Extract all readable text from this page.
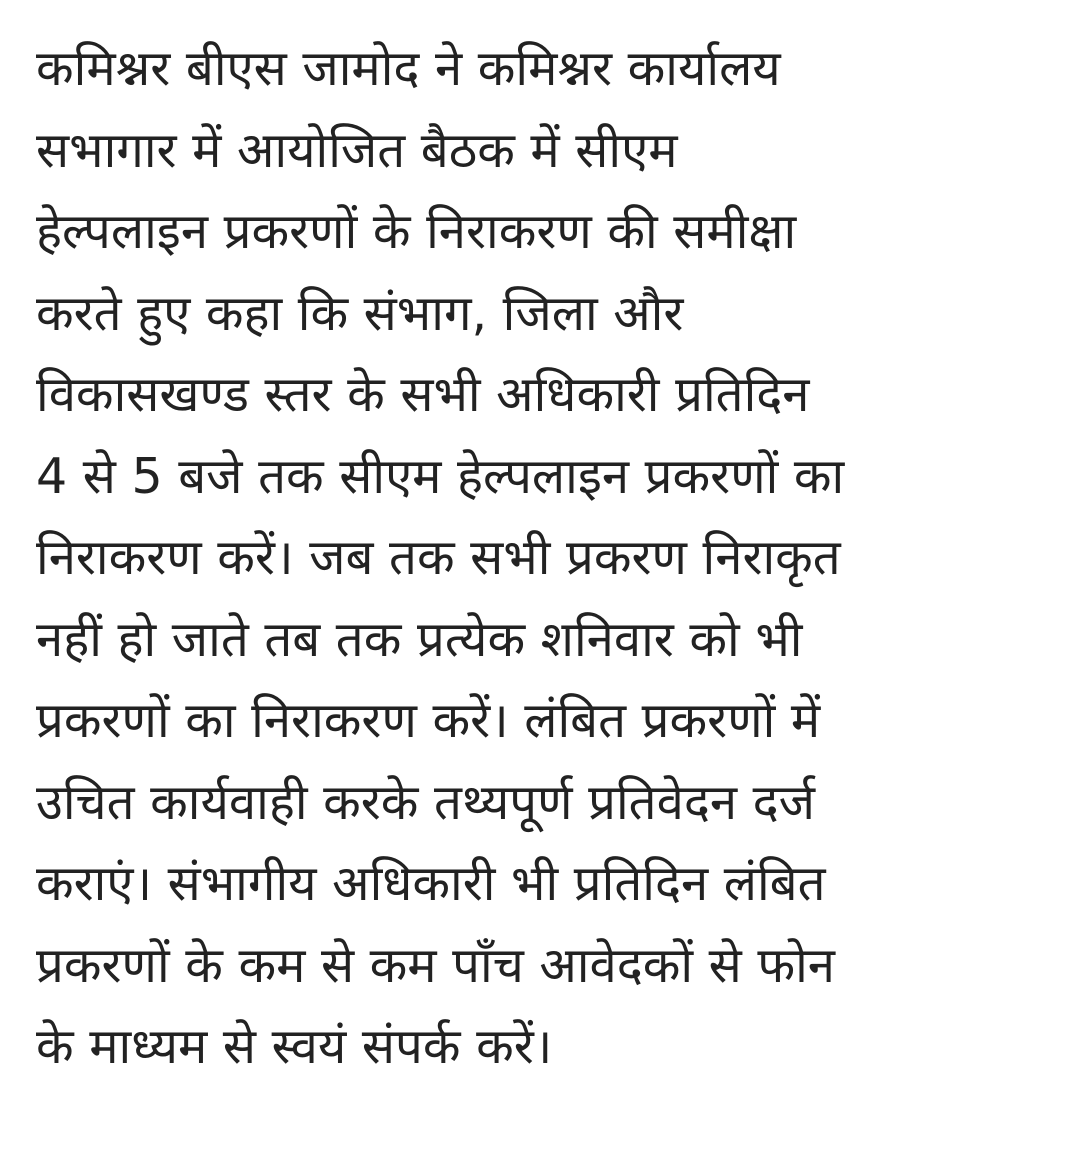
कमिश्नर बीएस जामोद ने कमिश्नर कार्यालय
सभागार में आयोजित बैठक में सीएम
हेल्पलाइन प्रकरणों के निराकरण की समीक्षा
करते हुए कहा कि संभाग, जिला और
विकासखण्ड स्तर के सभी अधिकारी प्रतिदिन
4 से 5 बजे तक सीएम हेल्पलाइन प्रकरणों का
निराकरण करें। जब तक सभी प्रकरण निराकृत
नहीं हो जाते तब तक प्रत्येक शनिवार को भी
प्रकरणों का निराकरण करें। लंबित प्रकरणों में
उचित कार्यवाही करके तथ्यपूर्ण प्रतिवेदन दर्ज
कराएं। संभागीय अधिकारी भी प्रतिदिन लंबित
प्रकरणों के कम से कम पाँच आवेदकों से फोन
के माध्यम से स्वयं संपर्क करें।
